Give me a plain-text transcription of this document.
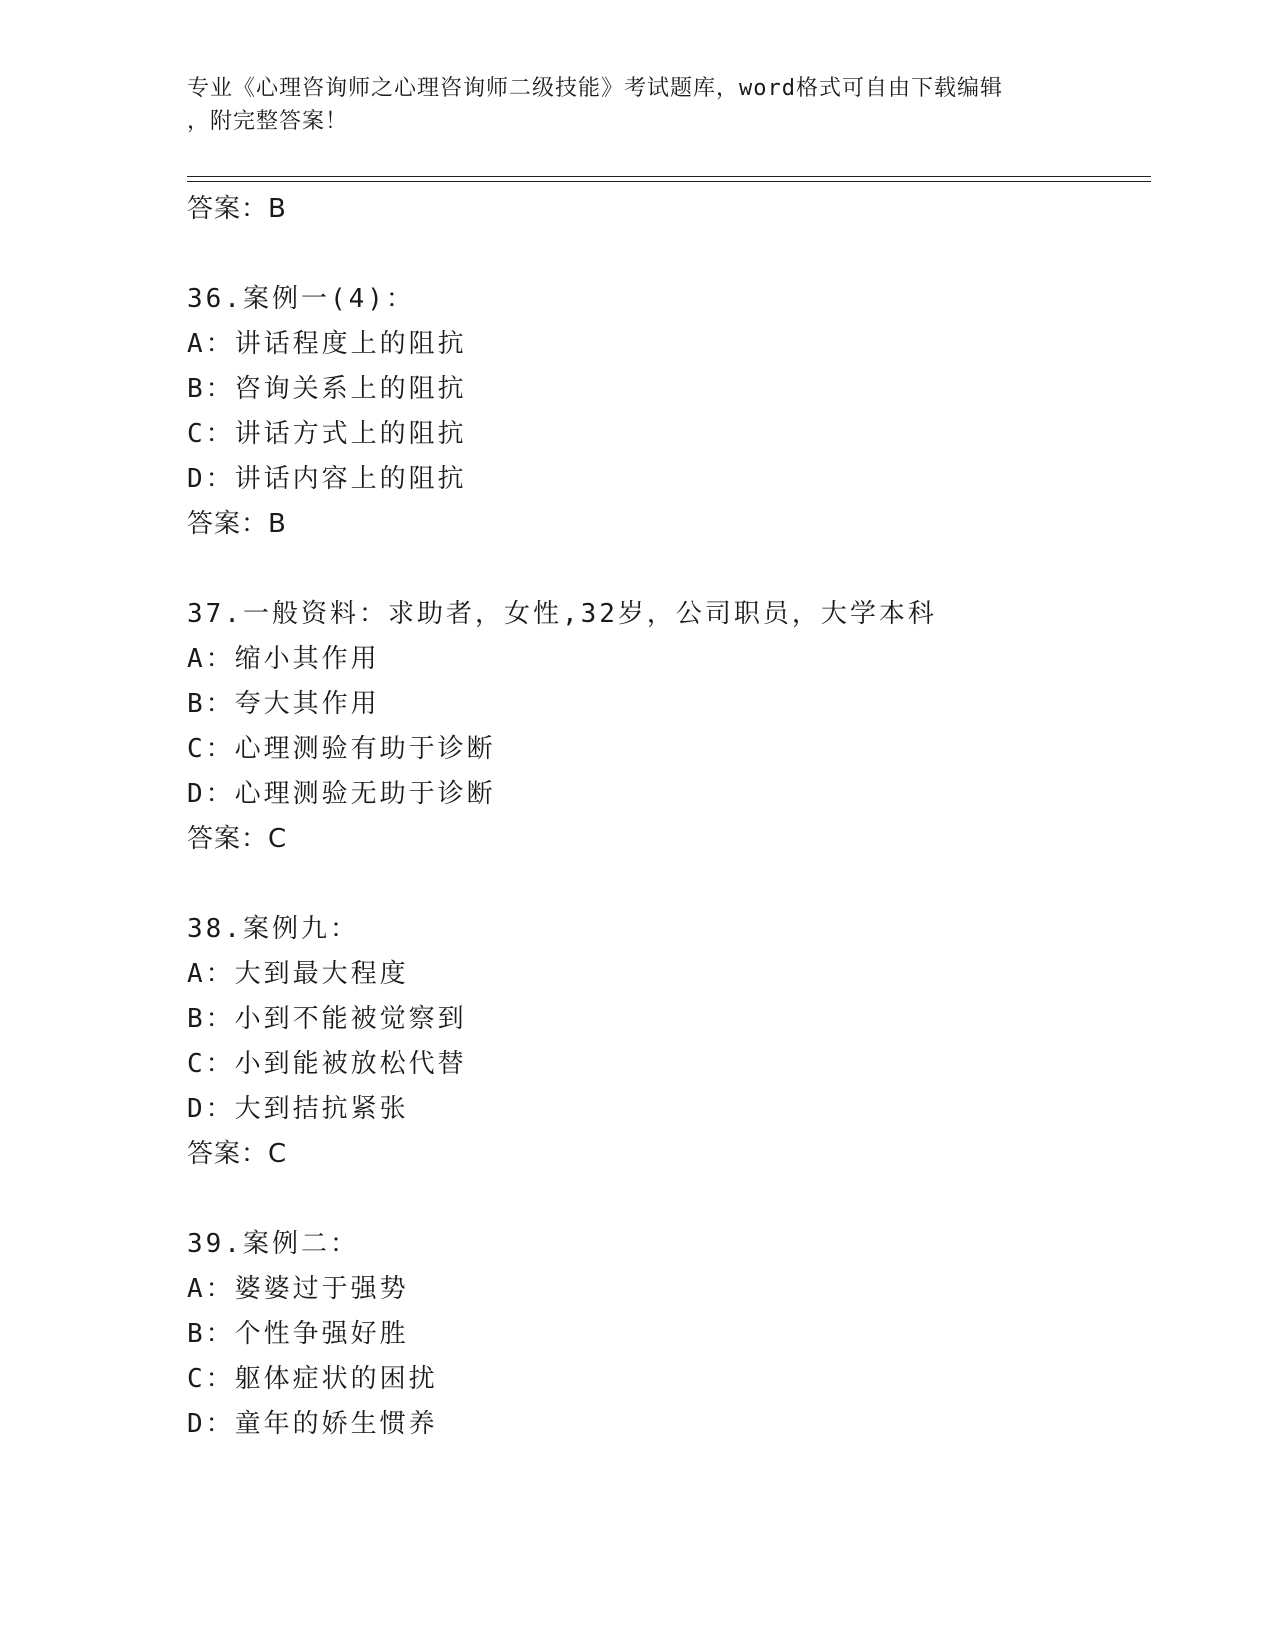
专业《心理咨询师之心理咨询师二级技能》考试题库，word格式可自由下载编辑
，附完整答案！
答案：B
36.案例一(4)：
A：讲话程度上的阻抗
B：咨询关系上的阻抗
C：讲话方式上的阻抗
D：讲话内容上的阻抗
答案：B
37.一般资料：求助者，女性,32岁，公司职员，大学本科
A：缩小其作用
B：夸大其作用
C：心理测验有助于诊断
D：心理测验无助于诊断
答案：C
38.案例九：
A：大到最大程度
B：小到不能被觉察到
C：小到能被放松代替
D：大到拮抗紧张
答案：C
39.案例二：
A：婆婆过于强势
B：个性争强好胜
C：躯体症状的困扰
D：童年的娇生惯养
